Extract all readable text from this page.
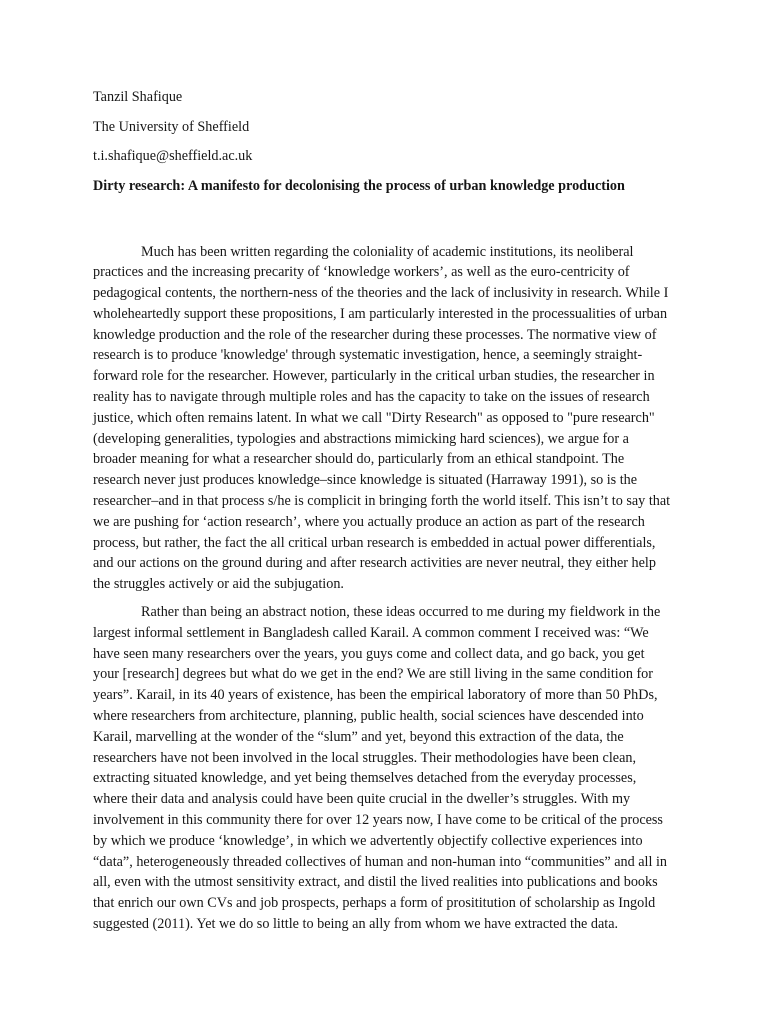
Tanzil Shafique
The University of Sheffield
t.i.shafique@sheffield.ac.uk
Dirty research: A manifesto for decolonising the process of urban knowledge production

Much has been written regarding the coloniality of academic institutions, its neoliberal practices and the increasing precarity of ‘knowledge workers’, as well as the euro-centricity of pedagogical contents, the northern-ness of the theories and the lack of inclusivity in research. While I wholeheartedly support these propositions, I am particularly interested in the processualities of urban knowledge production and the role of the researcher during these processes. The normative view of research is to produce 'knowledge' through systematic investigation, hence, a seemingly straight-forward role for the researcher. However, particularly in the critical urban studies, the researcher in reality has to navigate through multiple roles and has the capacity to take on the issues of research justice, which often remains latent. In what we call "Dirty Research" as opposed to "pure research" (developing generalities, typologies and abstractions mimicking hard sciences), we argue for a broader meaning for what a researcher should do, particularly from an ethical standpoint. The research never just produces knowledge–since knowledge is situated (Harraway 1991), so is the researcher–and in that process s/he is complicit in bringing forth the world itself. This isn’t to say that we are pushing for ‘action research’, where you actually produce an action as part of the research process, but rather, the fact the all critical urban research is embedded in actual power differentials, and our actions on the ground during and after research activities are never neutral, they either help the struggles actively or aid the subjugation.

Rather than being an abstract notion, these ideas occurred to me during my fieldwork in the largest informal settlement in Bangladesh called Karail. A common comment I received was: “We have seen many researchers over the years, you guys come and collect data, and go back, you get your [research] degrees but what do we get in the end? We are still living in the same condition for years”. Karail, in its 40 years of existence, has been the empirical laboratory of more than 50 PhDs, where researchers from architecture, planning, public health, social sciences have descended into Karail, marvelling at the wonder of the “slum” and yet, beyond this extraction of the data, the researchers have not been involved in the local struggles. Their methodologies have been clean, extracting situated knowledge, and yet being themselves detached from the everyday processes, where their data and analysis could have been quite crucial in the dweller’s struggles. With my involvement in this community there for over 12 years now, I have come to be critical of the process by which we produce ‘knowledge’, in which we advertently objectify collective experiences into “data”, heterogeneously threaded collectives of human and non-human into “communities” and all in all, even with the utmost sensitivity extract, and distil the lived realities into publications and books that enrich our own CVs and job prospects, perhaps a form of prosititution of scholarship as Ingold suggested (2011). Yet we do so little to being an ally from whom we have extracted the data.
